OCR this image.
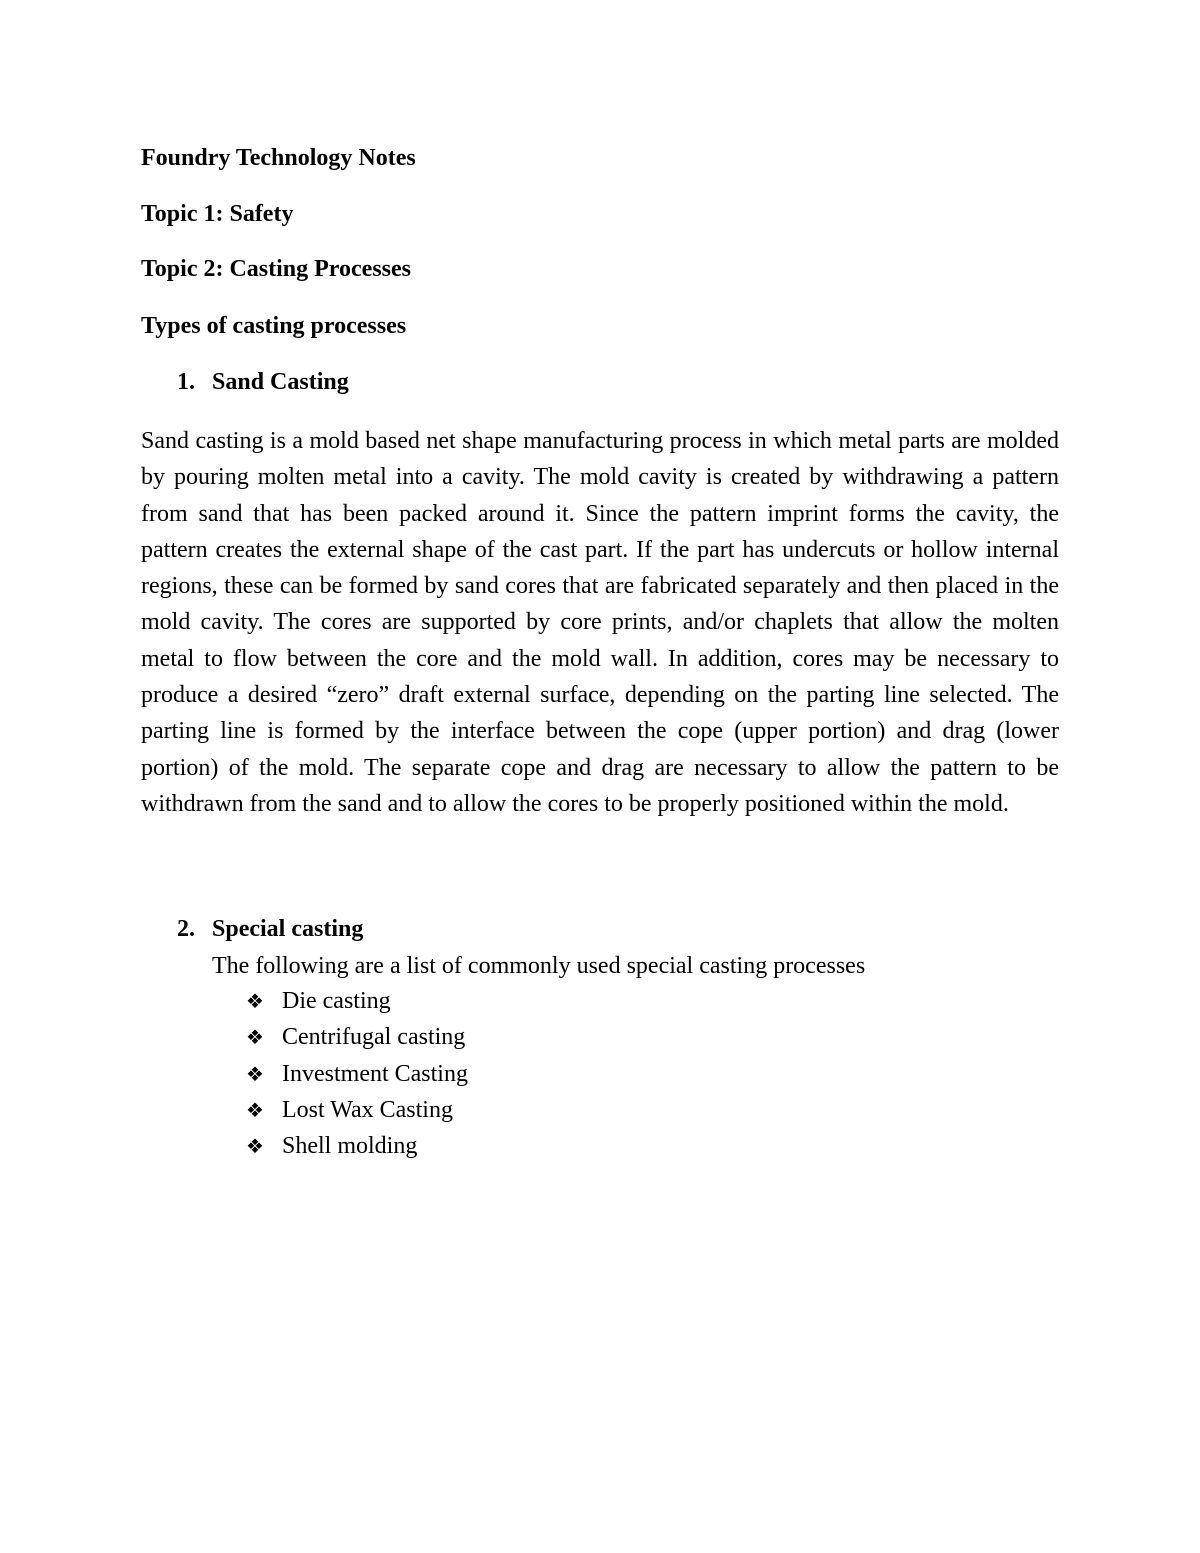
Foundry Technology Notes
Topic 1: Safety
Topic 2: Casting Processes
Types of casting processes
1. Sand Casting
Sand casting is a mold based net shape manufacturing process in which metal parts are molded by pouring molten metal into a cavity. The mold cavity is created by withdrawing a pattern from sand that has been packed around it. Since the pattern imprint forms the cavity, the pattern creates the external shape of the cast part. If the part has undercuts or hollow internal regions, these can be formed by sand cores that are fabricated separately and then placed in the mold cavity. The cores are supported by core prints, and/or chaplets that allow the molten metal to flow between the core and the mold wall. In addition, cores may be necessary to produce a desired “zero” draft external surface, depending on the parting line selected. The parting line is formed by the interface between the cope (upper portion) and drag (lower portion) of the mold. The separate cope and drag are necessary to allow the pattern to be withdrawn from the sand and to allow the cores to be properly positioned within the mold.
2. Special casting
The following are a list of commonly used special casting processes
❖ Die casting
❖ Centrifugal casting
❖ Investment Casting
❖ Lost Wax Casting
❖ Shell molding
